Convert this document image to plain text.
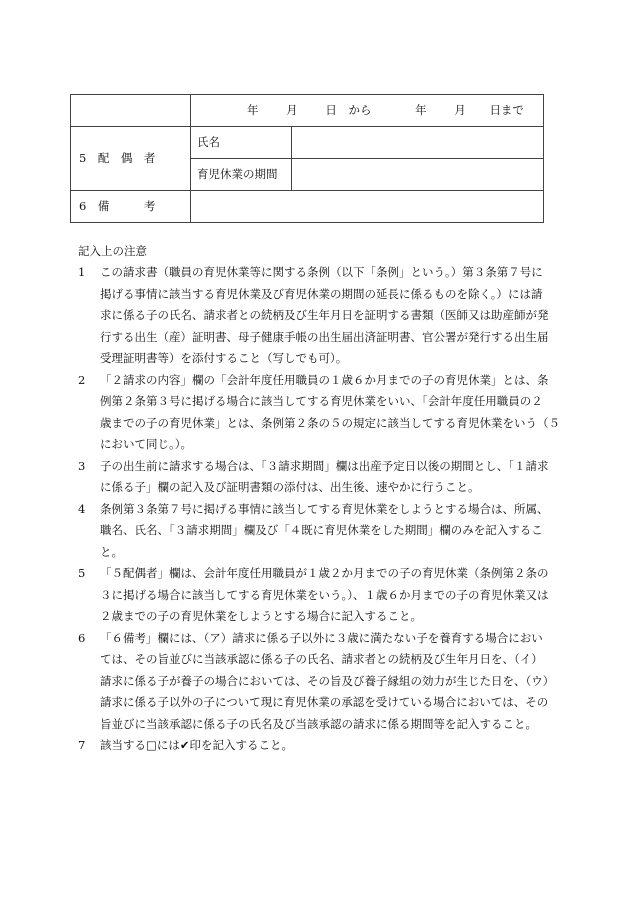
	年 月 日 から 年 月 日まで	
5　配　偶　者	氏名	
	育児休業の期間	
6　備　　　考		
記入上の注意
1	この請求書（職員の育児休業等に関する条例（以下「条例」という。）第３条第７号に
掲げる事情に該当する育児休業及び育児休業の期間の延長に係るものを除く。）には請
求に係る子の氏名、請求者との続柄及び生年月日を証明する書類（医師又は助産師が発
行する出生（産）証明書、母子健康手帳の出生届出済証明書、官公署が発行する出生届
受理証明書等）を添付すること（写しでも可）。
2	「２請求の内容」欄の「会計年度任用職員の１歳６か月までの子の育児休業」とは、条
例第２条第３号に掲げる場合に該当してする育児休業をいい、「会計年度任用職員の２
歳までの子の育児休業」とは、条例第２条の５の規定に該当してする育児休業をいう（５
において同じ。）。
3	子の出生前に請求する場合は、「３請求期間」欄は出産予定日以後の期間とし、「１請求
に係る子」欄の記入及び証明書類の添付は、出生後、速やかに行うこと。
4	条例第３条第７号に掲げる事情に該当してする育児休業をしようとする場合は、所属、
職名、氏名、「３請求期間」欄及び「４既に育児休業をした期間」欄のみを記入するこ
と。
5	「５配偶者」欄は、会計年度任用職員が１歳２か月までの子の育児休業（条例第２条の
３に掲げる場合に該当してする育児休業をいう。）、１歳６か月までの子の育児休業又は
２歳までの子の育児休業をしようとする場合に記入すること。
6	「６備考」欄には、（ア）請求に係る子以外に３歳に満たない子を養育する場合におい
ては、その旨並びに当該承認に係る子の氏名、請求者との続柄及び生年月日を、（イ）
請求に係る子が養子の場合においては、その旨及び養子縁組の効力が生じた日を、（ウ）
請求に係る子以外の子について現に育児休業の承認を受けている場合においては、その
旨並びに当該承認に係る子の氏名及び当該承認の請求に係る期間等を記入すること。
7	該当する□には✔印を記入すること。
